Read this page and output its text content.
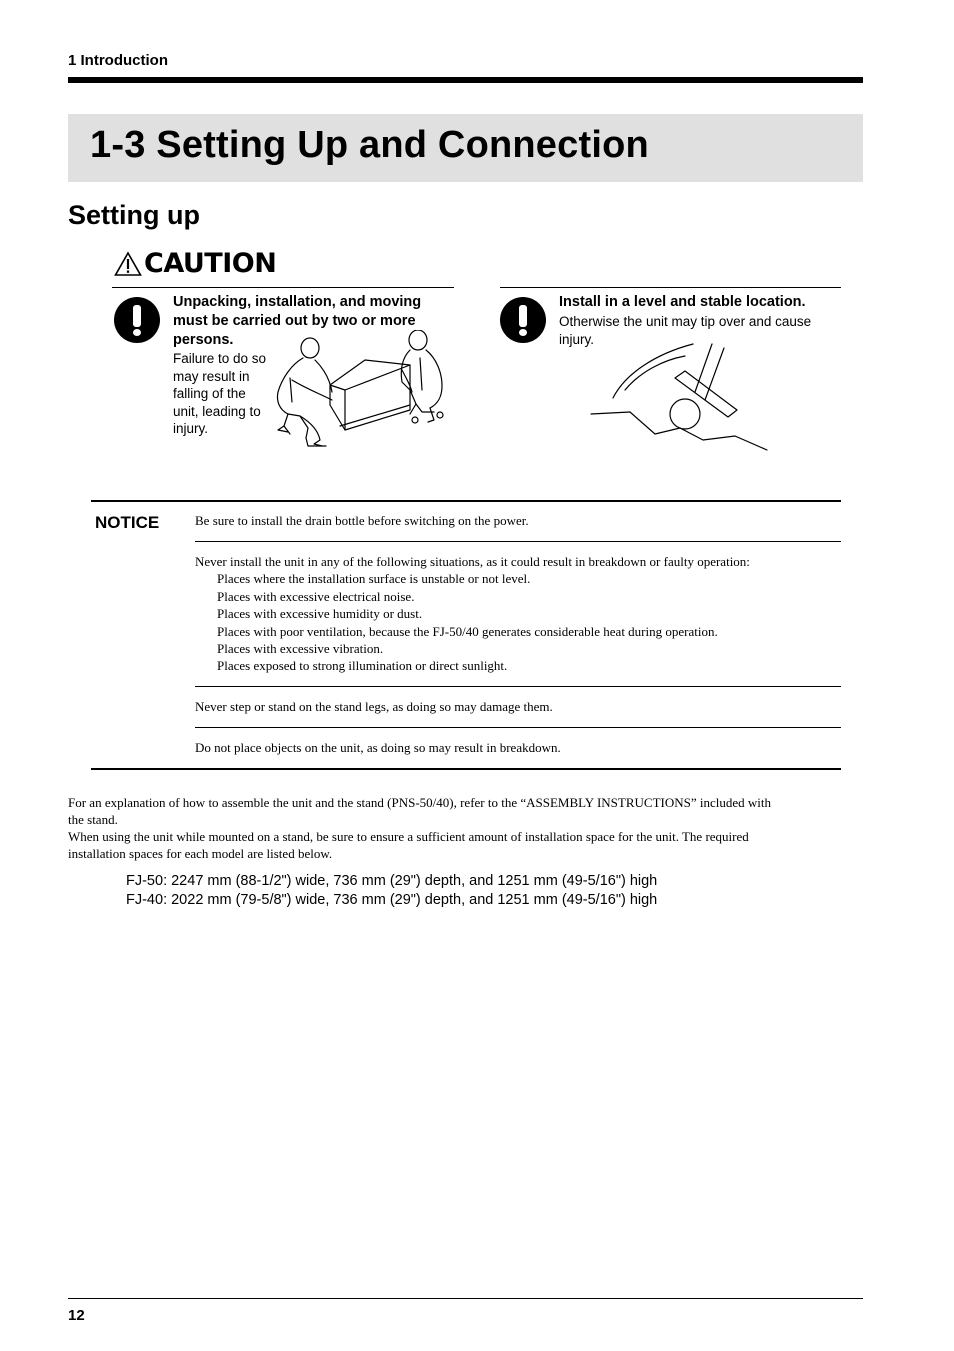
1 Introduction
1-3 Setting Up and Connection
Setting up
CAUTION
Unpacking, installation, and moving
must be carried out by two or more
persons.
Failure to do so
may result in
falling of the
unit, leading to
injury.
Install in a level and stable location.
Otherwise the unit may tip over and cause
injury.
NOTICE	Be sure to install the drain bottle before switching on the power.
Never install the unit in any of the following situations, as it could result in breakdown or faulty operation:
Places where the installation surface is unstable or not level.
Places with excessive electrical noise.
Places with excessive humidity or dust.
Places with poor ventilation, because the FJ-50/40 generates considerable heat during operation.
Places with excessive vibration.
Places exposed to strong illumination or direct sunlight.
Never step or stand on the stand legs, as doing so may damage them.
Do not place objects on the unit, as doing so may result in breakdown.
For an explanation of how to assemble the unit and the stand (PNS-50/40), refer to the “ASSEMBLY INSTRUCTIONS” included with
the stand.
When using the unit while mounted on a stand, be sure to ensure a sufficient amount of installation space for the unit. The required
installation spaces for each model are listed below.
FJ-50: 2247 mm (88-1/2") wide, 736 mm (29") depth, and 1251 mm (49-5/16") high
FJ-40: 2022 mm (79-5/8") wide, 736 mm (29") depth, and 1251 mm (49-5/16") high
12
